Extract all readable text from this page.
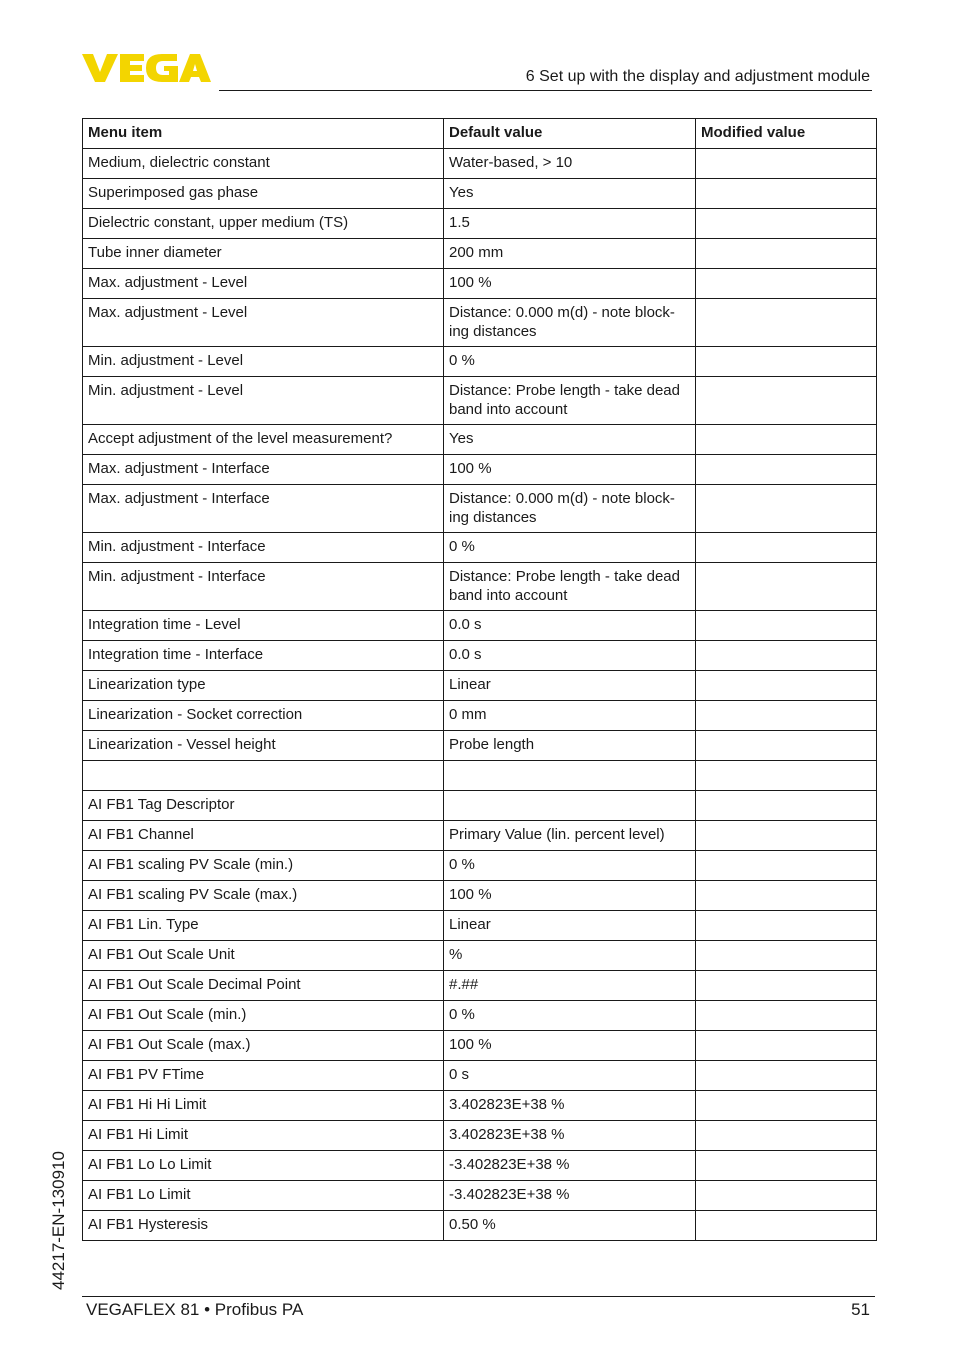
6 Set up with the display and adjustment module
Menu item	Default value	Modified value
Medium, dielectric constant	Water-based, > 10	
Superimposed gas phase	Yes	
Dielectric constant, upper medium (TS)	1.5	
Tube inner diameter	200 mm	
Max. adjustment - Level	100 %	
Max. adjustment - Level	Distance: 0.000 m(d) - note block-ing distances	
Min. adjustment - Level	0 %	
Min. adjustment - Level	Distance: Probe length - take dead band into account	
Accept adjustment of the level measurement?	Yes	
Max. adjustment - Interface	100 %	
Max. adjustment - Interface	Distance: 0.000 m(d) - note block-ing distances	
Min. adjustment - Interface	0 %	
Min. adjustment - Interface	Distance: Probe length - take dead band into account	
Integration time - Level	0.0 s	
Integration time - Interface	0.0 s	
Linearization type	Linear	
Linearization - Socket correction	0 mm	
Linearization - Vessel height	Probe length	

AI FB1 Tag Descriptor		
AI FB1 Channel	Primary Value (lin. percent level)	
AI FB1 scaling PV Scale (min.)	0 %	
AI FB1 scaling PV Scale (max.)	100 %	
AI FB1 Lin. Type	Linear	
AI FB1 Out Scale Unit	%	
AI FB1 Out Scale Decimal Point	#.##	
AI FB1 Out Scale (min.)	0 %	
AI FB1 Out Scale (max.)	100 %	
AI FB1 PV FTime	0 s	
AI FB1 Hi Hi Limit	3.402823E+38 %	
AI FB1 Hi Limit	3.402823E+38 %	
AI FB1 Lo Lo Limit	-3.402823E+38 %	
AI FB1 Lo Limit	-3.402823E+38 %	
AI FB1 Hysteresis	0.50 %	
44217-EN-130910
VEGAFLEX 81 • Profibus PA	51
